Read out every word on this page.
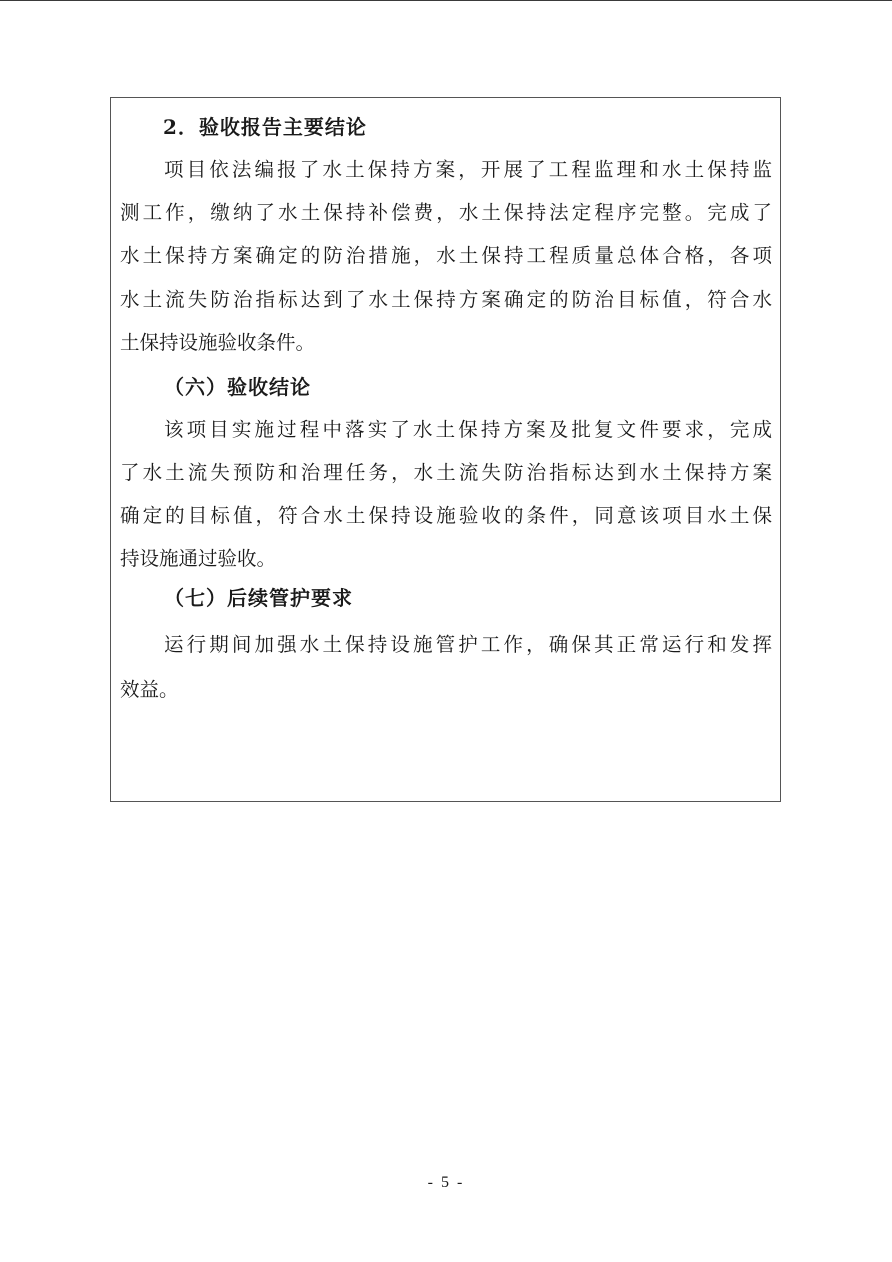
2．验收报告主要结论
项目依法编报了水土保持方案，开展了工程监理和水土保持监
测工作，缴纳了水土保持补偿费，水土保持法定程序完整。完成了
水土保持方案确定的防治措施，水土保持工程质量总体合格，各项
水土流失防治指标达到了水土保持方案确定的防治目标值，符合水
土保持设施验收条件。
（六）验收结论
该项目实施过程中落实了水土保持方案及批复文件要求，完成
了水土流失预防和治理任务，水土流失防治指标达到水土保持方案
确定的目标值，符合水土保持设施验收的条件，同意该项目水土保
持设施通过验收。
（七）后续管护要求
运行期间加强水土保持设施管护工作，确保其正常运行和发挥
效益。
- 5 -
